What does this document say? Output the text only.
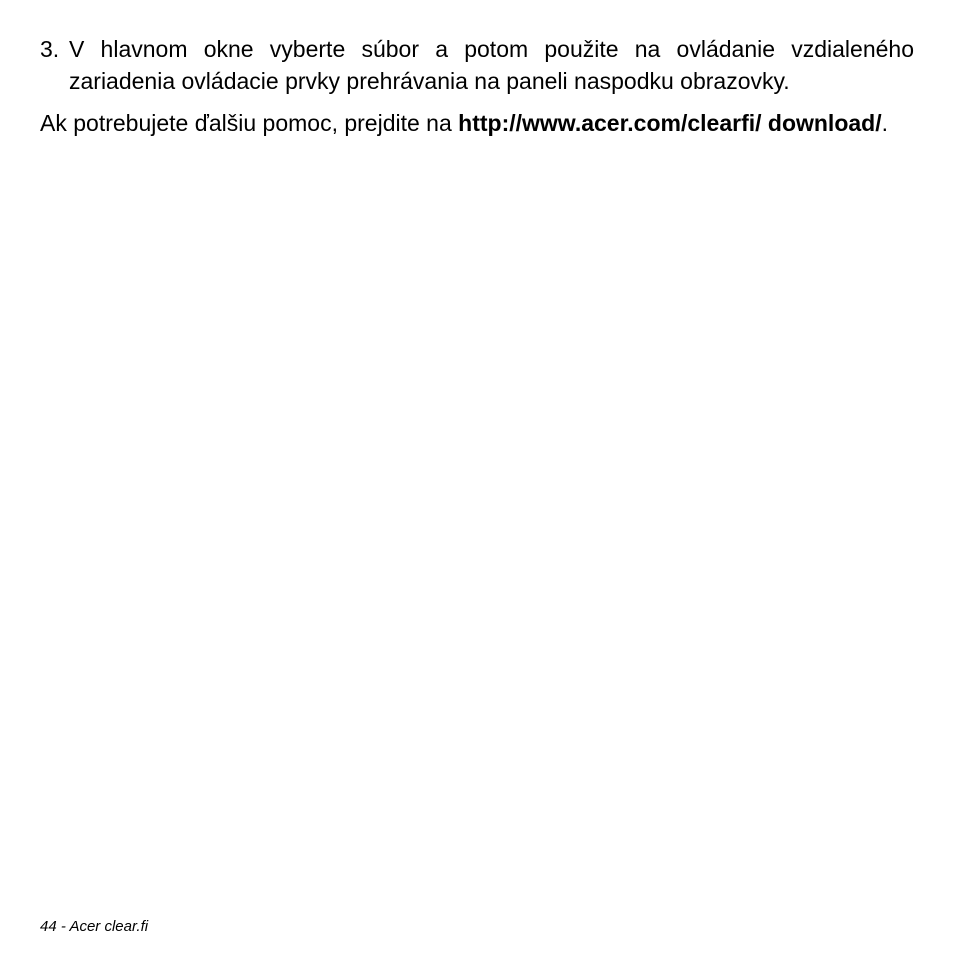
3. V hlavnom okne vyberte súbor a potom použite na ovládanie vzdialeného zariadenia ovládacie prvky prehrávania na paneli naspodku obrazovky.

Ak potrebujete ďalšiu pomoc, prejdite na http://www.acer.com/clearfi/ download/.

44 - Acer clear.fi
